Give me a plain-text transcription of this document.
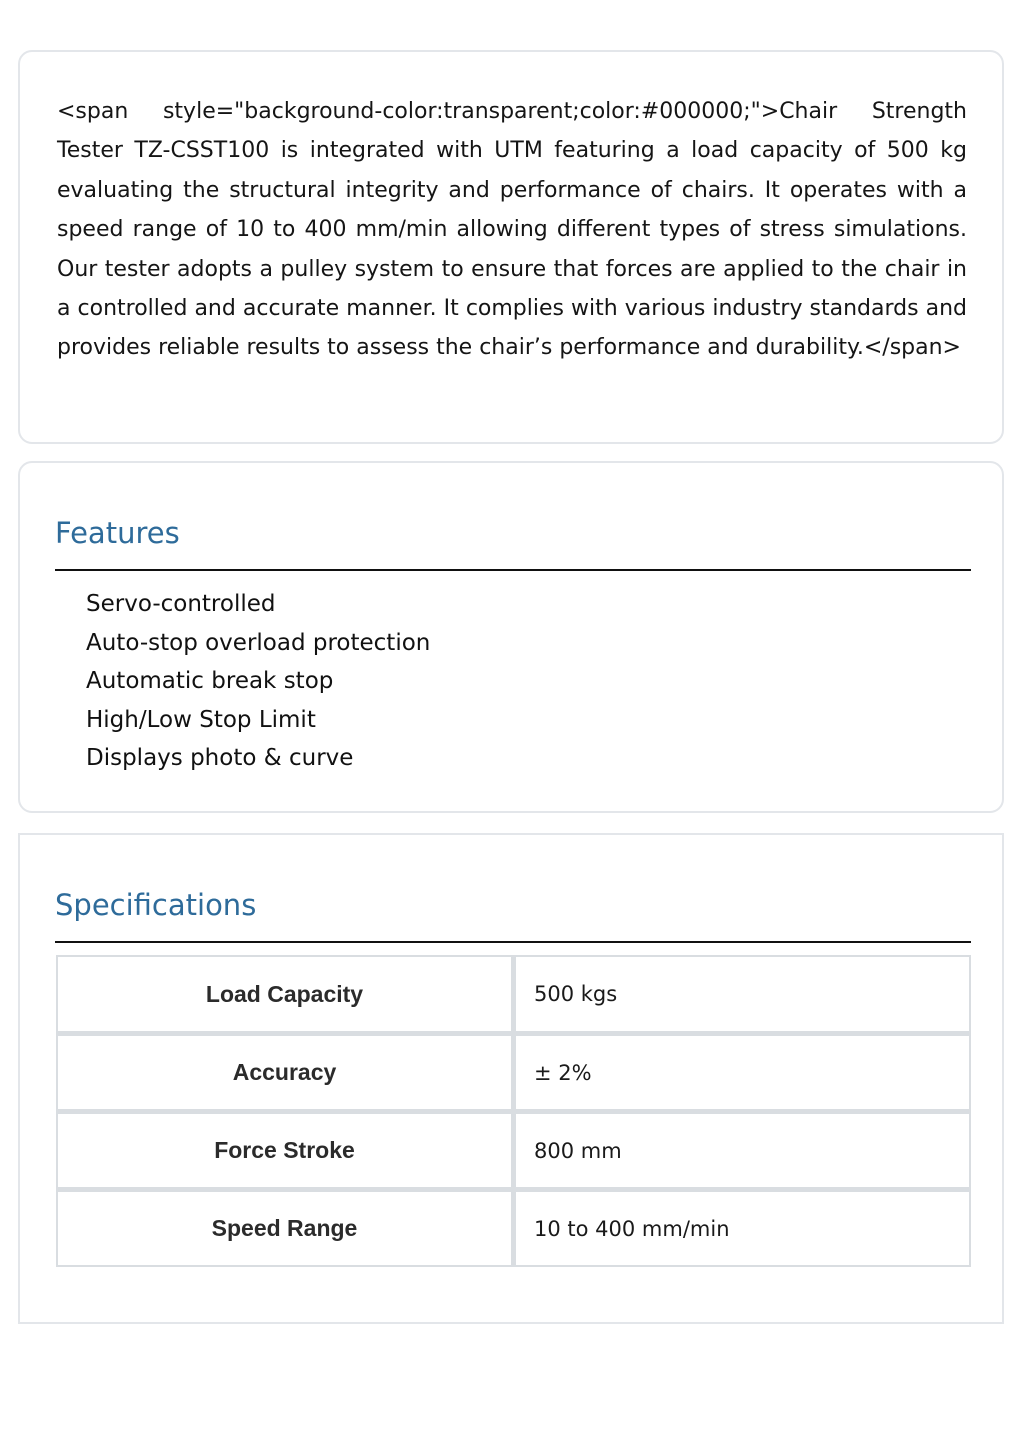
<span style="background-color:transparent;color:#000000;">Chair Strength Tester TZ-CSST100 is integrated with UTM featuring a load capacity of 500 kg evaluating the structural integrity and performance of chairs. It operates with a speed range of 10 to 400 mm/min allowing different types of stress simulations. Our tester adopts a pulley system to ensure that forces are applied to the chair in a controlled and accurate manner. It complies with various industry standards and provides reliable results to assess the chair’s performance and durability.</span>

Features
Servo-controlled
Auto-stop overload protection
Automatic break stop
High/Low Stop Limit
Displays photo & curve
Specifications
Load Capacity	500 kgs
Accuracy	± 2%
Force Stroke	800 mm
Speed Range	10 to 400 mm/min
